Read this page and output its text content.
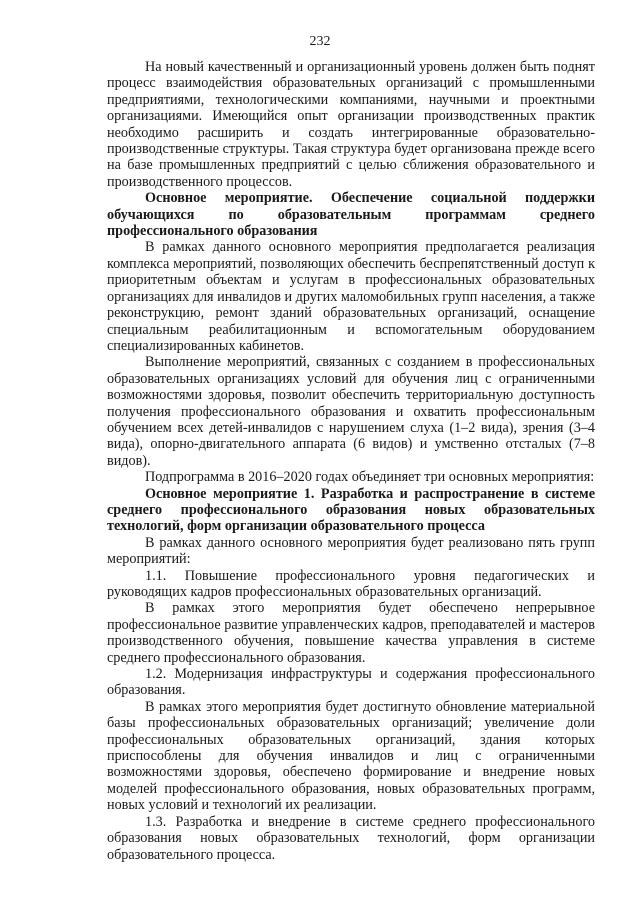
232

На новый качественный и организационный уровень должен быть поднят процесс взаимодействия образовательных организаций с промышленными предприятиями, технологическими компаниями, научными и проектными организациями. Имеющийся опыт организации производственных практик необходимо расширить и создать интегрированные образовательно-производственные структуры. Такая структура будет организована прежде всего на базе промышленных предприятий с целью сближения образовательного и производственного процессов.

Основное мероприятие. Обеспечение социальной поддержки обучающихся по образовательным программам среднего профессионального образования

В рамках данного основного мероприятия предполагается реализация комплекса мероприятий, позволяющих обеспечить беспрепятственный доступ к приоритетным объектам и услугам в профессиональных образовательных организациях для инвалидов и других маломобильных групп населения, а также реконструкцию, ремонт зданий образовательных организаций, оснащение специальным реабилитационным и вспомогательным оборудованием специализированных кабинетов.

Выполнение мероприятий, связанных с созданием в профессиональных образовательных организациях условий для обучения лиц с ограниченными возможностями здоровья, позволит обеспечить территориальную доступность получения профессионального образования и охватить профессиональным обучением всех детей-инвалидов с нарушением слуха (1–2 вида), зрения (3–4 вида), опорно-двигательного аппарата (6 видов) и умственно отсталых (7–8 видов).

Подпрограмма в 2016–2020 годах объединяет три основных мероприятия:

Основное мероприятие 1. Разработка и распространение в системе среднего профессионального образования новых образовательных технологий, форм организации образовательного процесса

В рамках данного основного мероприятия будет реализовано пять групп мероприятий:

1.1. Повышение профессионального уровня педагогических и руководящих кадров профессиональных образовательных организаций.

В рамках этого мероприятия будет обеспечено непрерывное профессиональное развитие управленческих кадров, преподавателей и мастеров производственного обучения, повышение качества управления в системе среднего профессионального образования.

1.2. Модернизация инфраструктуры и содержания профессионального образования.

В рамках этого мероприятия будет достигнуто обновление материальной базы профессиональных образовательных организаций; увеличение доли профессиональных образовательных организаций, здания которых приспособлены для обучения инвалидов и лиц с ограниченными возможностями здоровья, обеспечено формирование и внедрение новых моделей профессионального образования, новых образовательных программ, новых условий и технологий их реализации.

1.3. Разработка и внедрение в системе среднего профессионального образования новых образовательных технологий, форм организации образовательного процесса.
